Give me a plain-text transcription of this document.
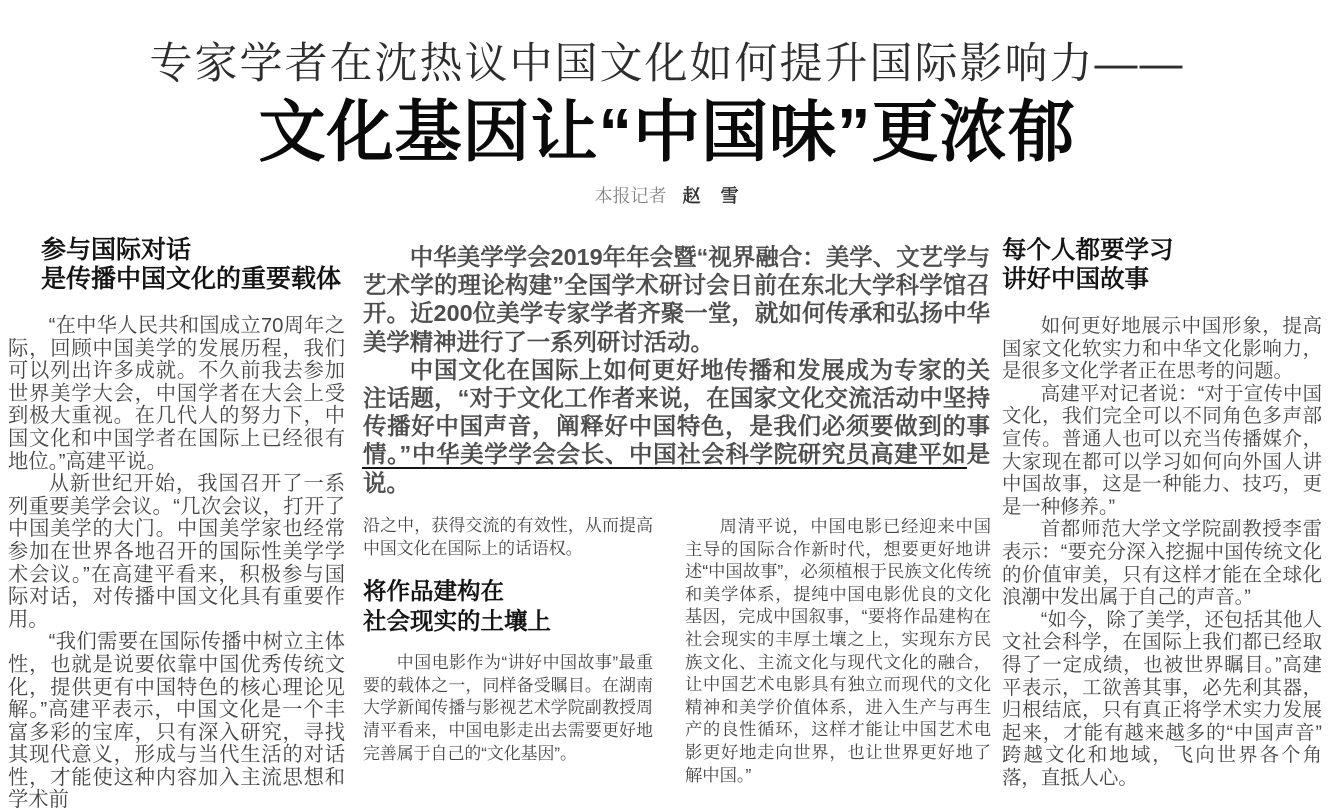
专家学者在沈热议中国文化如何提升国际影响力——
文化基因让“中国味”更浓郁
本报记者 赵　雪
参与国际对话
是传播中国文化的重要载体

“在中华人民共和国成立70周年之际，回顾中国美学的发展历程，我们可以列出许多成就。不久前我去参加世界美学大会，中国学者在大会上受到极大重视。在几代人的努力下，中国文化和中国学者在国际上已经很有地位。”高建平说。

从新世纪开始，我国召开了一系列重要美学会议。“几次会议，打开了中国美学的大门。中国美学家也经常参加在世界各地召开的国际性美学学术会议。”在高建平看来，积极参与国际对话，对传播中国文化具有重要作用。

“我们需要在国际传播中树立主体性，也就是说要依靠中国优秀传统文化，提供更有中国特色的核心理论见解。”高建平表示，中国文化是一个丰富多彩的宝库，只有深入研究，寻找其现代意义，形成与当代生活的对话性，才能使这种内容加入主流思想和学术前

中华美学学会2019年年会暨“视界融合：美学、文艺学与艺术学的理论构建”全国学术研讨会日前在东北大学科学馆召开。近200位美学专家学者齐聚一堂，就如何传承和弘扬中华美学精神进行了一系列研讨活动。

中国文化在国际上如何更好地传播和发展成为专家的关注话题，“对于文化工作者来说，在国家文化交流活动中坚持传播好中国声音，阐释好中国特色，是我们必须要做到的事情。”中华美学学会会长、中国社会科学院研究员高建平如是说。

沿之中，获得交流的有效性，从而提高中国文化在国际上的话语权。

将作品建构在
社会现实的土壤上

中国电影作为“讲好中国故事”最重要的载体之一，同样备受瞩目。在湖南大学新闻传播与影视艺术学院副教授周清平看来，中国电影走出去需要更好地完善属于自己的“文化基因”。

周清平说，中国电影已经迎来中国主导的国际合作新时代，想要更好地讲述“中国故事”，必须植根于民族文化传统和美学体系，提纯中国电影优良的文化基因，完成中国叙事，“要将作品建构在社会现实的丰厚土壤之上，实现东方民族文化、主流文化与现代文化的融合，让中国艺术电影具有独立而现代的文化精神和美学价值体系，进入生产与再生产的良性循环，这样才能让中国艺术电影更好地走向世界，也让世界更好地了解中国。”

每个人都要学习
讲好中国故事

如何更好地展示中国形象，提高国家文化软实力和中华文化影响力，是很多文化学者正在思考的问题。

高建平对记者说：“对于宣传中国文化，我们完全可以不同角色多声部宣传。普通人也可以充当传播媒介，大家现在都可以学习如何向外国人讲中国故事，这是一种能力、技巧，更是一种修养。”

首都师范大学文学院副教授李雷表示：“要充分深入挖掘中国传统文化的价值审美，只有这样才能在全球化浪潮中发出属于自己的声音。”

“如今，除了美学，还包括其他人文社会科学，在国际上我们都已经取得了一定成绩，也被世界瞩目。”高建平表示，工欲善其事，必先利其器，归根结底，只有真正将学术实力发展起来，才能有越来越多的“中国声音”跨越文化和地域，飞向世界各个角落，直抵人心。
